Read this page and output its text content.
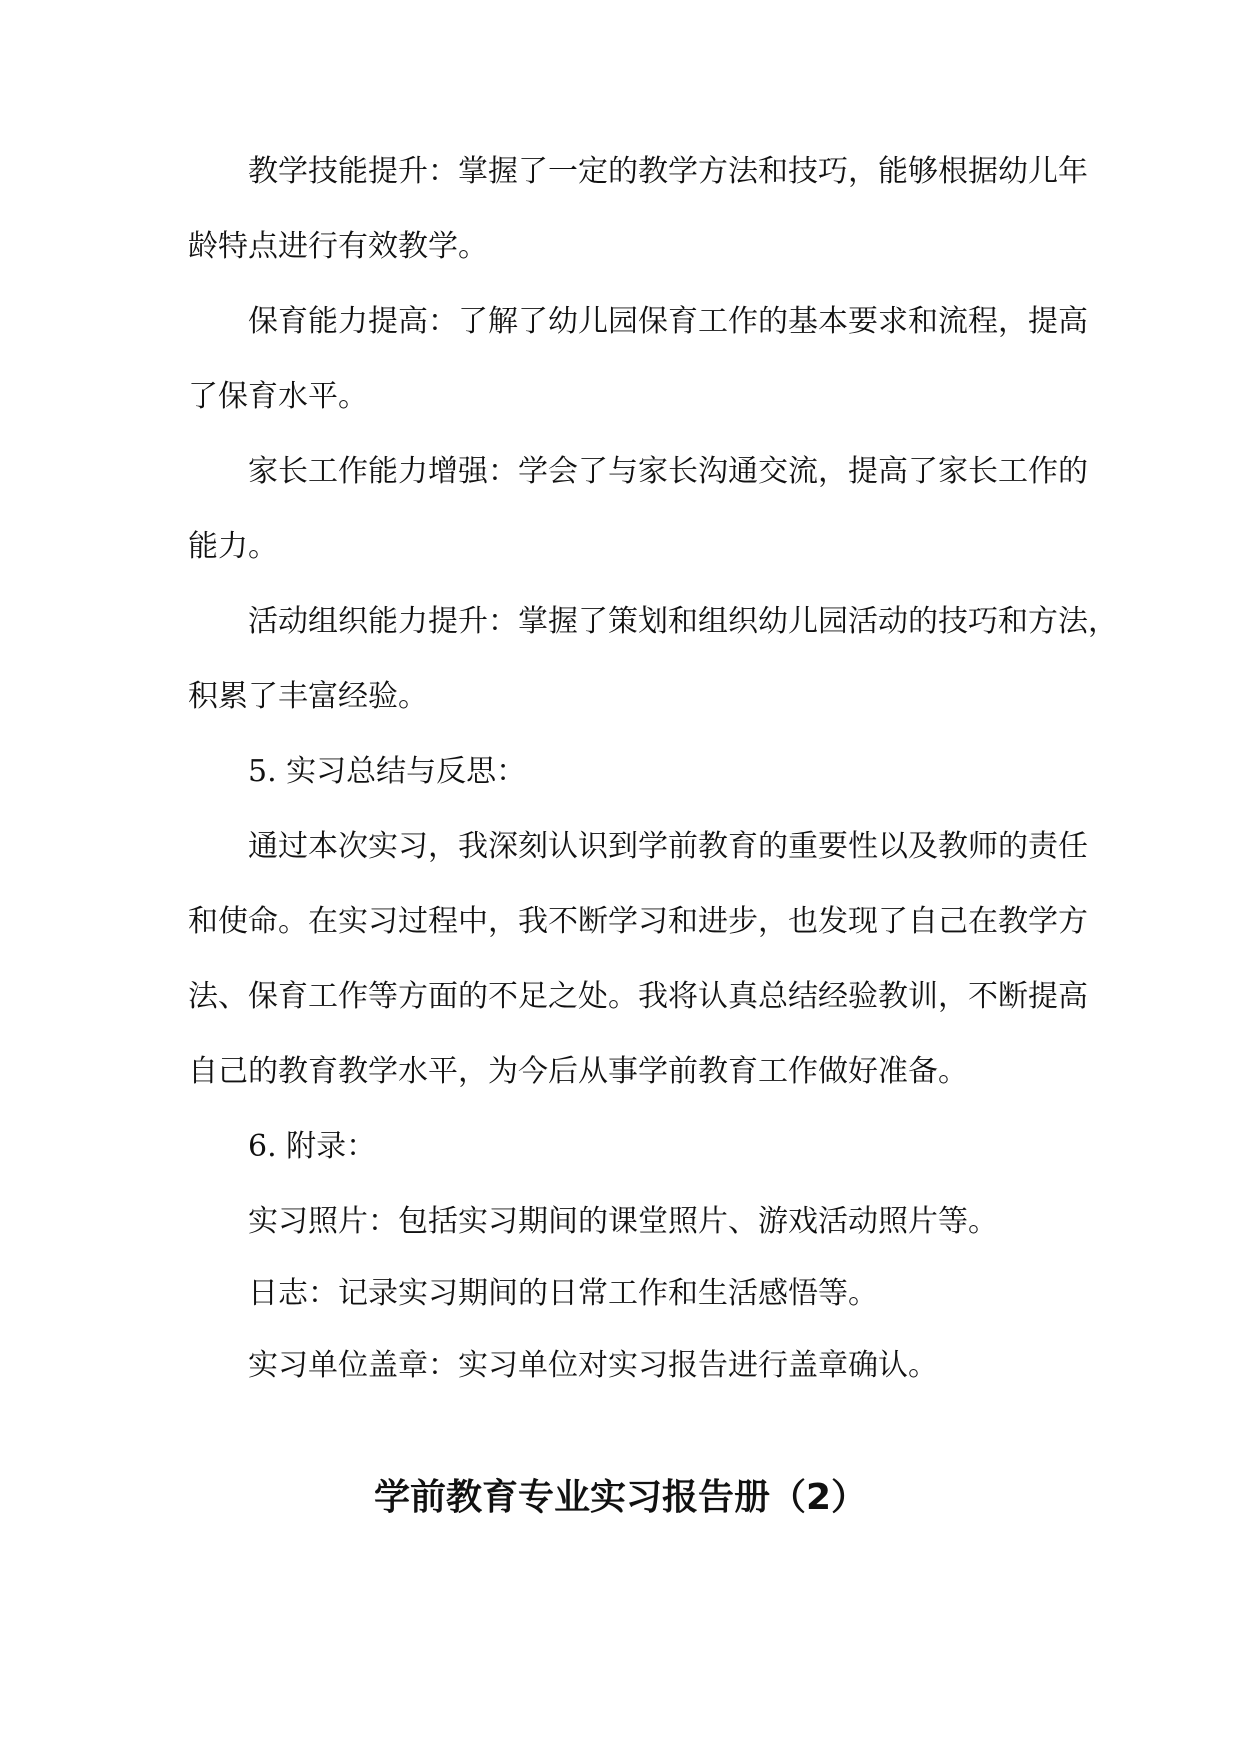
教学技能提升：掌握了一定的教学方法和技巧，能够根据幼儿年

龄特点进行有效教学。

保育能力提高：了解了幼儿园保育工作的基本要求和流程，提高

了保育水平。

家长工作能力增强：学会了与家长沟通交流，提高了家长工作的

能力。

活动组织能力提升：掌握了策划和组织幼儿园活动的技巧和方法，

积累了丰富经验。

5. 实习总结与反思：

通过本次实习，我深刻认识到学前教育的重要性以及教师的责任

和使命。在实习过程中，我不断学习和进步，也发现了自己在教学方

法、保育工作等方面的不足之处。我将认真总结经验教训，不断提高

自己的教育教学水平，为今后从事学前教育工作做好准备。

6. 附录：

实习照片：包括实习期间的课堂照片、游戏活动照片等。

日志：记录实习期间的日常工作和生活感悟等。

实习单位盖章：实习单位对实习报告进行盖章确认。

学前教育专业实习报告册（2）
